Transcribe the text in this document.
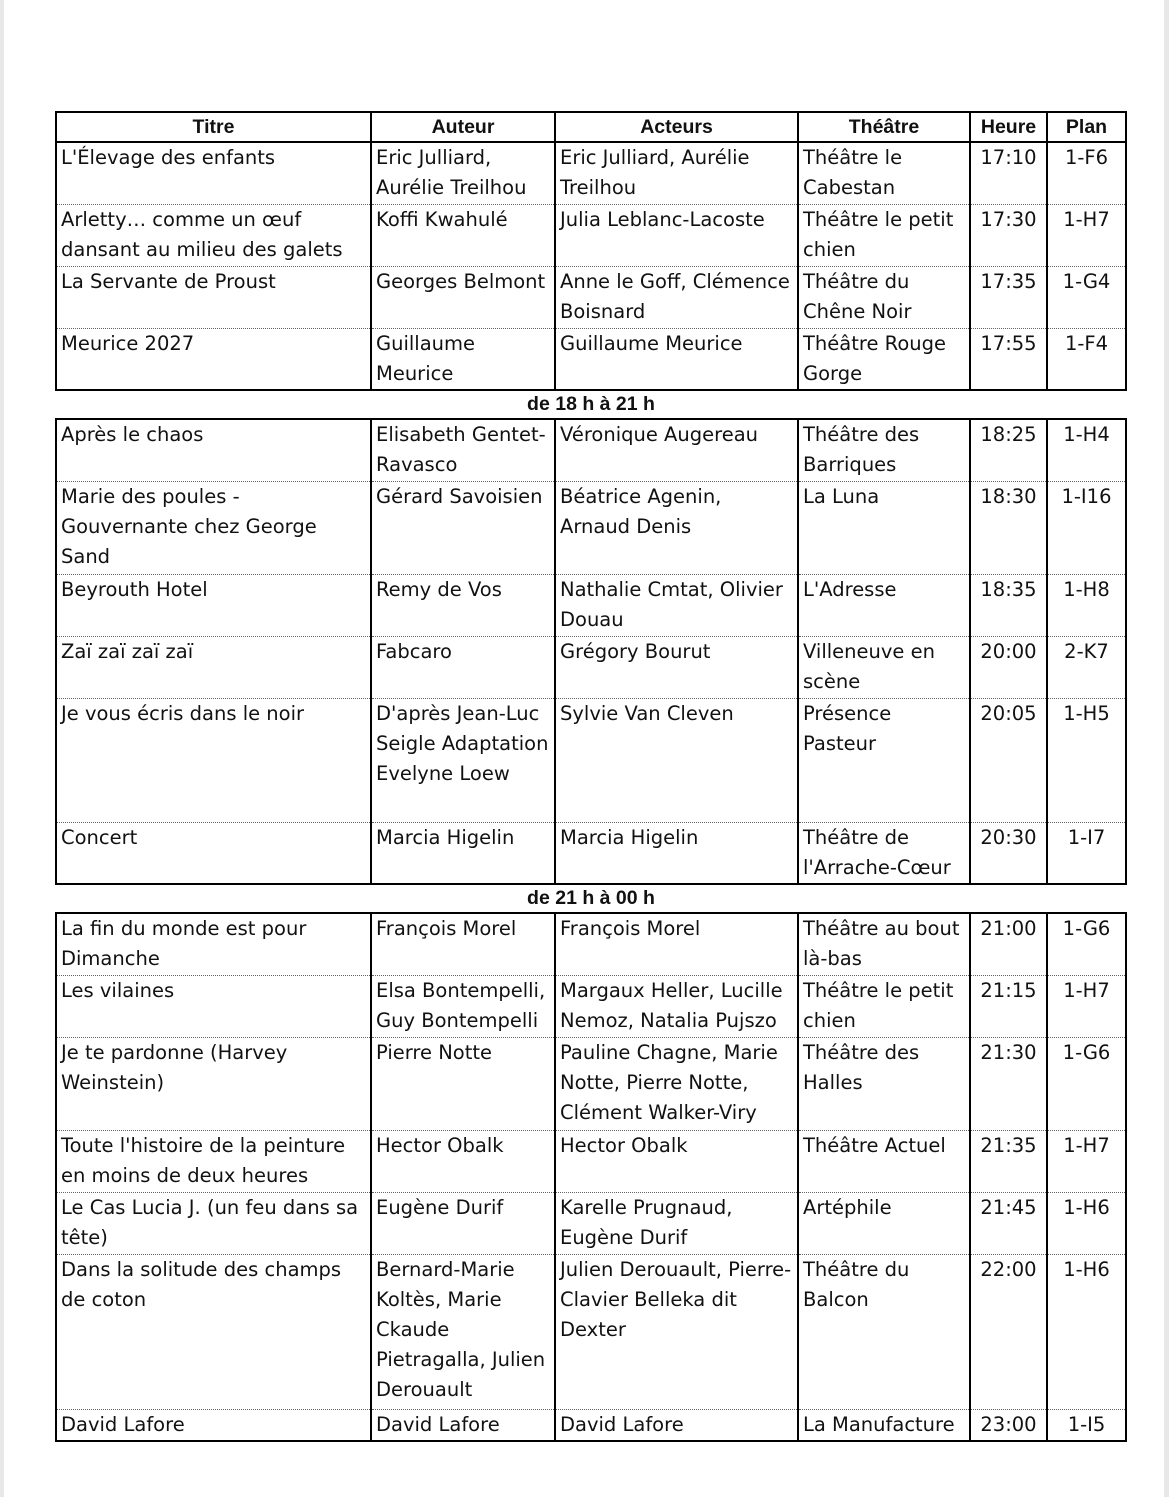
Titre	Auteur	Acteurs	Théâtre	Heure	Plan
L'Élevage des enfants	Eric Julliard, Aurélie Treilhou	Eric Julliard, Aurélie Treilhou	Théâtre le Cabestan	17:10	1-F6
Arletty… comme un œuf dansant au milieu des galets	Koffi Kwahulé	Julia Leblanc-Lacoste	Théâtre le petit chien	17:30	1-H7
La Servante de Proust	Georges Belmont	Anne le Goff, Clémence Boisnard	Théâtre du Chêne Noir	17:35	1-G4
Meurice 2027	Guillaume Meurice	Guillaume Meurice	Théâtre Rouge Gorge	17:55	1-F4
de 18 h à 21 h					
Après le chaos	Elisabeth Gentet-Ravasco	Véronique Augereau	Théâtre des Barriques	18:25	1-H4
Marie des poules - Gouvernante chez George Sand	Gérard Savoisien	Béatrice Agenin, Arnaud Denis	La Luna	18:30	1-I16
Beyrouth Hotel	Remy de Vos	Nathalie Cmtat, Olivier Douau	L'Adresse	18:35	1-H8
Zaï zaï zaï zaï	Fabcaro	Grégory Bourut	Villeneuve en scène	20:00	2-K7
Je vous écris dans le noir	D'après Jean-Luc Seigle Adaptation Evelyne Loew	Sylvie Van Cleven	Présence Pasteur	20:05	1-H5
Concert	Marcia Higelin	Marcia Higelin	Théâtre de l'Arrache-Cœur	20:30	1-I7
de 21 h à 00 h					
La fin du monde est pour Dimanche	François Morel	François Morel	Théâtre au bout là-bas	21:00	1-G6
Les vilaines	Elsa Bontempelli, Guy Bontempelli	Margaux Heller, Lucille Nemoz, Natalia Pujszo	Théâtre le petit chien	21:15	1-H7
Je te pardonne (Harvey Weinstein)	Pierre Notte	Pauline Chagne, Marie Notte, Pierre Notte, Clément Walker-Viry	Théâtre des Halles	21:30	1-G6
Toute l'histoire de la peinture en moins de deux heures	Hector Obalk	Hector Obalk	Théâtre Actuel	21:35	1-H7
Le Cas Lucia J. (un feu dans sa tête)	Eugène Durif	Karelle Prugnaud, Eugène Durif	Artéphile	21:45	1-H6
Dans la solitude des champs de coton	Bernard-Marie Koltès, Marie Ckaude Pietragalla, Julien Derouault	Julien Derouault, Pierre-Clavier Belleka dit Dexter	Théâtre du Balcon	22:00	1-H6
David Lafore	David Lafore	David Lafore	La Manufacture	23:00	1-I5
